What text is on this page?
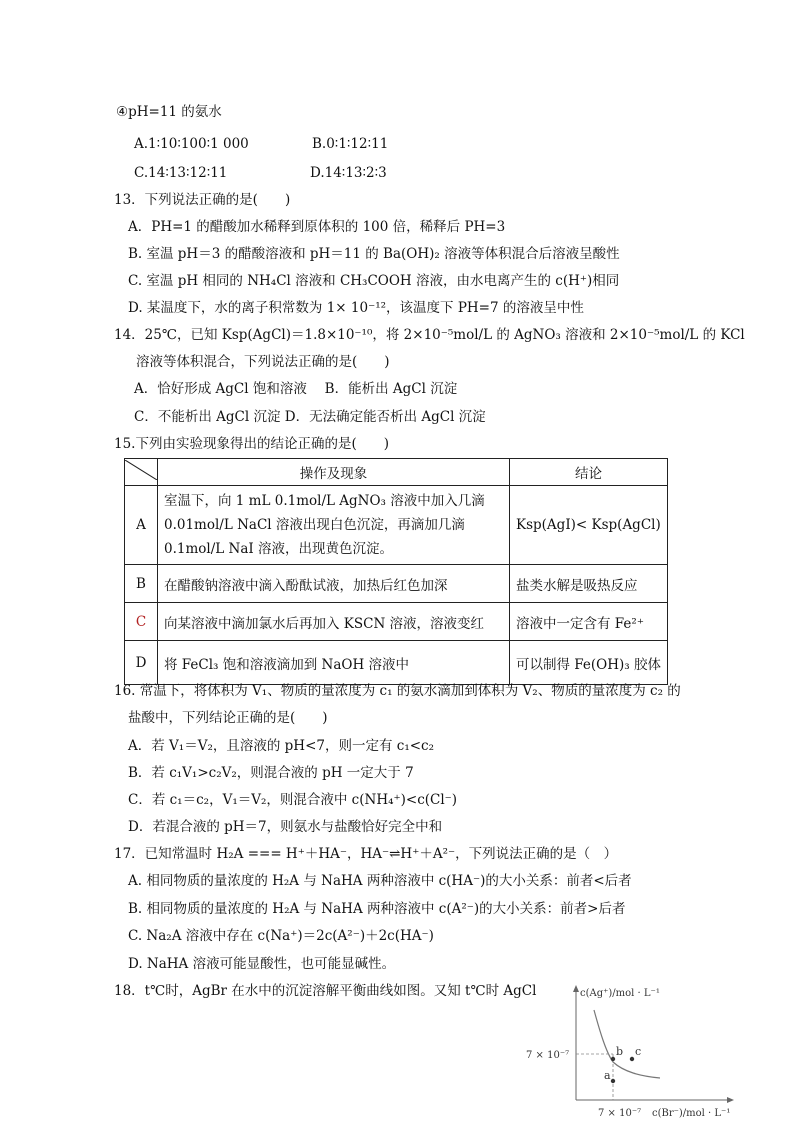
④pH=11 的氨水
A.1∶10∶100∶1 000	B.0∶1∶12∶11
C.14∶13∶12∶11	D.14∶13∶2∶3
13．下列说法正确的是(　　)
A．PH=1 的醋酸加水稀释到原体积的 100 倍，稀释后 PH=3
B. 室温 pH＝3 的醋酸溶液和 pH＝11 的 Ba(OH)₂ 溶液等体积混合后溶液呈酸性
C. 室温 pH 相同的 NH₄Cl 溶液和 CH₃COOH 溶液，由水电离产生的 c(H⁺)相同
D. 某温度下，水的离子积常数为 1× 10⁻¹²，该温度下 PH=7 的溶液呈中性
14．25℃，已知 Ksp(AgCl)＝1.8×10⁻¹⁰，将 2×10⁻⁵mol/L 的 AgNO₃ 溶液和 2×10⁻⁵mol/L 的 KCl
溶液等体积混合，下列说法正确的是(　　)
A．恰好形成 AgCl 饱和溶液　 B．能析出 AgCl 沉淀
C．不能析出 AgCl 沉淀 D．无法确定能否析出 AgCl 沉淀
15.下列由实验现象得出的结论正确的是(　　)
	操作及现象	结论
A	室温下，向 1 mL 0.1mol/L AgNO₃ 溶液中加入几滴
0.01mol/L NaCl 溶液出现白色沉淀，再滴加几滴
0.1mol/L NaI 溶液，出现黄色沉淀。	Ksp(AgI)< Ksp(AgCl)
B	在醋酸钠溶液中滴入酚酞试液，加热后红色加深	盐类水解是吸热反应
C	向某溶液中滴加氯水后再加入 KSCN 溶液，溶液变红	溶液中一定含有 Fe²⁺
D	将 FeCl₃ 饱和溶液滴加到 NaOH 溶液中	可以制得 Fe(OH)₃ 胶体
16. 常温下，将体积为 V₁、物质的量浓度为 c₁ 的氨水滴加到体积为 V₂、物质的量浓度为 c₂ 的
盐酸中，下列结论正确的是(　　)
A．若 V₁＝V₂，且溶液的 pH<7，则一定有 c₁<c₂
B．若 c₁V₁>c₂V₂，则混合液的 pH 一定大于 7
C．若 c₁＝c₂，V₁＝V₂，则混合液中 c(NH₄⁺)<c(Cl⁻)
D．若混合液的 pH＝7，则氨水与盐酸恰好完全中和
17．已知常温时 H₂A === H⁺＋HA⁻，HA⁻⇌H⁺＋A²⁻，下列说法正确的是（　）
A. 相同物质的量浓度的 H₂A 与 NaHA 两种溶液中 c(HA⁻)的大小关系：前者<后者
B. 相同物质的量浓度的 H₂A 与 NaHA 两种溶液中 c(A²⁻)的大小关系：前者>后者
C. Na₂A 溶液中存在 c(Na⁺)＝2c(A²⁻)＋2c(HA⁻)
D. NaHA 溶液可能显酸性，也可能显碱性。
18．t℃时，AgBr 在水中的沉淀溶解平衡曲线如图。又知 t℃时 AgCl
a
b c
c(Ag⁺)/mol · L⁻¹
7 × 10⁻⁷
7 × 10⁻⁷ c(Br⁻)/mol · L⁻¹
